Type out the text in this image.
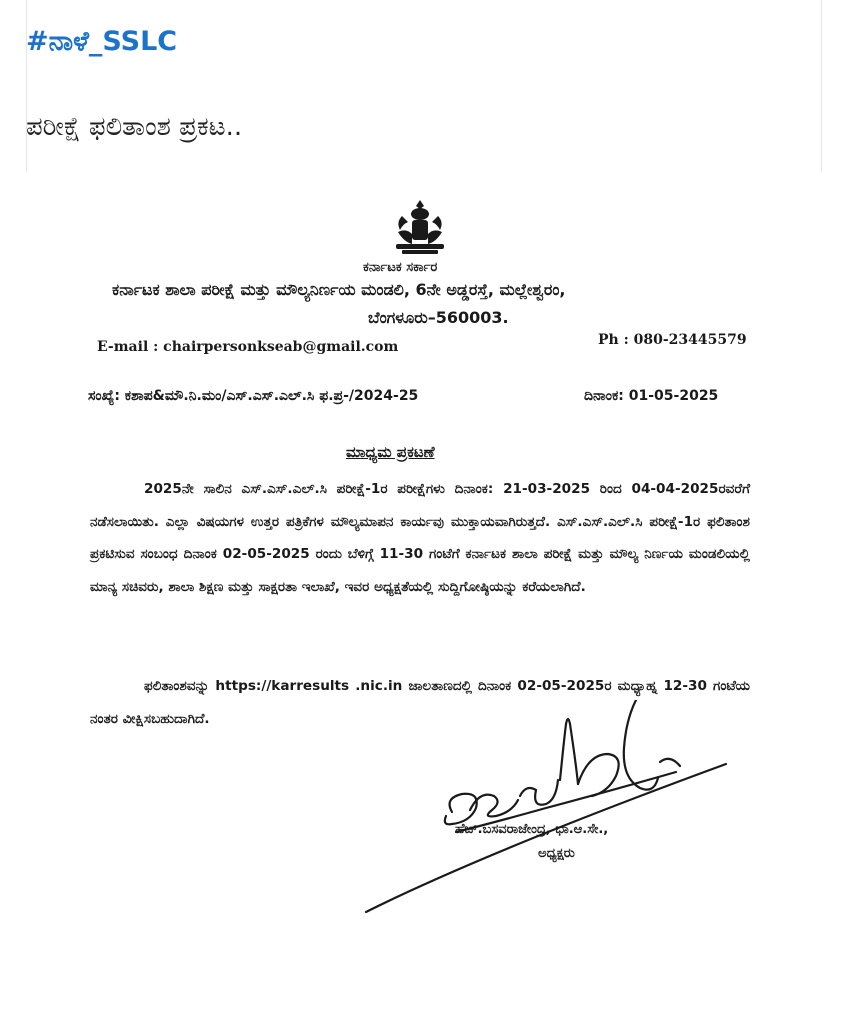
#ನಾಳೆ_SSLC
ಪರೀಕ್ಷೆ ಫಲಿತಾಂಶ ಪ್ರಕಟ..
ಕರ್ನಾಟಕ ಸರ್ಕಾರ
ಕರ್ನಾಟಕ ಶಾಲಾ ಪರೀಕ್ಷೆ ಮತ್ತು ಮೌಲ್ಯನಿರ್ಣಯ ಮಂಡಲಿ, 6ನೇ ಅಡ್ಡರಸ್ತೆ, ಮಲ್ಲೇಶ್ವರಂ,
ಬೆಂಗಳೂರು–560003.
E-mail : chairpersonkseab@gmail.com	Ph : 080-23445579
ಸಂಖ್ಯೆ: ಕಶಾಪ&ಮೌ.ನಿ.ಮಂ/ಎಸ್.ಎಸ್.ಎಲ್.ಸಿ ಫ.ಪ್ರ-/2024-25	ದಿನಾಂಕ: 01-05-2025
ಮಾಧ್ಯಮ ಪ್ರಕಟಣೆ

2025ನೇ ಸಾಲಿನ ಎಸ್.ಎಸ್.ಎಲ್.ಸಿ ಪರೀಕ್ಷೆ-1ರ ಪರೀಕ್ಷೆಗಳು ದಿನಾಂಕ: 21-03-2025 ರಿಂದ 04-04-2025ರವರೆಗೆ ನಡೆಸಲಾಯಿತು. ಎಲ್ಲಾ ವಿಷಯಗಳ ಉತ್ತರ ಪತ್ರಿಕೆಗಳ ಮೌಲ್ಯಮಾಪನ ಕಾರ್ಯವು ಮುಕ್ತಾಯವಾಗಿರುತ್ತದೆ. ಎಸ್.ಎಸ್.ಎಲ್.ಸಿ ಪರೀಕ್ಷೆ-1ರ ಫಲಿತಾಂಶ ಪ್ರಕಟಿಸುವ ಸಂಬಂಧ ದಿನಾಂಕ 02-05-2025 ರಂದು ಬೆಳಿಗ್ಗೆ 11-30 ಗಂಟೆಗೆ ಕರ್ನಾಟಕ ಶಾಲಾ ಪರೀಕ್ಷೆ ಮತ್ತು ಮೌಲ್ಯ ನಿರ್ಣಯ ಮಂಡಲಿಯಲ್ಲಿ ಮಾನ್ಯ ಸಚಿವರು, ಶಾಲಾ ಶಿಕ್ಷಣ ಮತ್ತು ಸಾಕ್ಷರತಾ ಇಲಾಖೆ, ಇವರ ಅಧ್ಯಕ್ಷತೆಯಲ್ಲಿ ಸುದ್ದಿಗೋಷ್ಠಿಯನ್ನು ಕರೆಯಲಾಗಿದೆ.

ಫಲಿತಾಂಶವನ್ನು https://karresults .nic.in ಜಾಲತಾಣದಲ್ಲಿ ದಿನಾಂಕ 02-05-2025ರ ಮಧ್ಯಾಹ್ನ 12-30 ಗಂಟೆಯ ನಂತರ ವೀಕ್ಷಿಸಬಹುದಾಗಿದೆ.

ಹೆಚ್.ಬಸವರಾಜೇಂದ್ರ, ಭಾ.ಆ.ಸೇ.,
ಅಧ್ಯಕ್ಷರು
